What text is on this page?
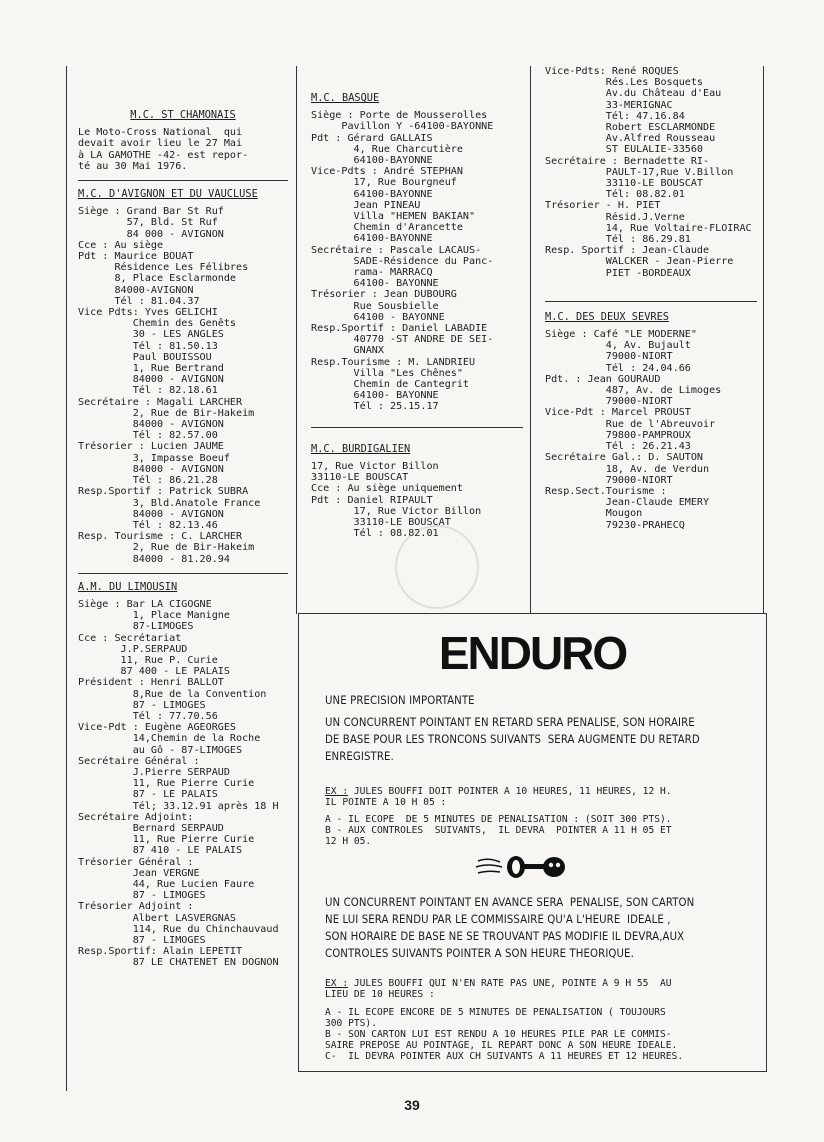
M.C. ST CHAMONAIS

Le Moto-Cross National  qui
devait avoir lieu le 27 Mai
à LA GAMOTHE -42- est repor-
té au 30 Mai 1976.

M.C. D'AVIGNON ET DU VAUCLUSE

Siège : Grand Bar St Ruf
57, Bld. St Ruf
84 000 - AVIGNON

Cce : Au siège

Pdt : Maurice BOUAT
Résidence Les Félibres
8, Place Esclarmonde
84000-AVIGNON
Tél : 81.04.37

Vice Pdts: Yves GELICHI
Chemin des Genêts
30 - LES ANGLES
Tél : 81.50.13

Paul BOUISSOU
1, Rue Bertrand
84000 - AVIGNON
Tél : 82.18.61

Secrétaire : Magali LARCHER
2, Rue de Bir-Hakeim
84000 - AVIGNON
Tél : 82.57.00

Trésorier : Lucien JAUME
3, Impasse Boeuf
84000 - AVIGNON
Tél : 86.21.28

Resp.Sportif : Patrick SUBRA
3, Bld.Anatole France
84000 - AVIGNON
Tél : 82.13.46

Resp. Tourisme : C. LARCHER
2, Rue de Bir-Hakeim
84000 - 81.20.94

A.M. DU LIMOUSIN

Siège : Bar LA CIGOGNE
1, Place Manigne
87-LIMOGES

Cce : Secrétariat
J.P.SERPAUD
11, Rue P. Curie
87 400 - LE PALAIS

Président : Henri BALLOT
8,Rue de la Convention
87 - LIMOGES
Tél : 77.70.56

Vice-Pdt : Eugène AGEORGES
14,Chemin de la Roche
au Gô - 87-LIMOGES

Secrétaire Général :
J.Pierre SERPAUD
11, Rue Pierre Curie
87 - LE PALAIS
Tél; 33.12.91 après 18 H

Secrétaire Adjoint:
Bernard SERPAUD
11, Rue Pierre Curie
87 410 - LE PALAIS

Trésorier Général :
Jean VERGNE
44, Rue Lucien Faure
87 - LIMOGES

Trésorier Adjoint :
Albert LASVERGNAS
114, Rue du Chinchauvaud
87 - LIMOGES

Resp.Sportif: Alain LEPETIT
87 LE CHATENET EN DOGNON

M.C. BASQUE

Siège : Porte de Mousserolles
Pavillon Y -64100-BAYONNE

Pdt : Gérard GALLAIS
4, Rue Charcutière
64100-BAYONNE

Vice-Pdts : André STEPHAN
17, Rue Bourgneuf
64100-BAYONNE

Jean PINEAU
Villa "HEMEN BAKIAN"
Chemin d'Arancette
64100-BAYONNE

Secrétaire : Pascale LACAUS-
SADE-Résidence du Panc-
rama- MARRACQ
64100- BAYONNE

Trésorier : Jean DUBOURG
Rue Sousbielle
64100 - BAYONNE

Resp.Sportif : Daniel LABADIE
40770 -ST ANDRE DE SEI-
GNANX

Resp.Tourisme : M. LANDRIEU
Villa "Les Chênes"
Chemin de Cantegrit
64100- BAYONNE
Tél : 25.15.17

M.C. BURDIGALIEN

17, Rue Victor Billon
33110-LE BOUSCAT

Cce : Au siège uniquement

Pdt : Daniel RIPAULT
17, Rue Victor Billon
33110-LE BOUSCAT
Tél : 08.82.01

Vice-Pdts: René ROQUES
Rés.Les Bosquets
Av.du Château d'Eau
33-MERIGNAC
Tél: 47.16.84

Robert ESCLARMONDE
Av.Alfred Rousseau
ST EULALIE-33560

Secrétaire : Bernadette RI-
PAULT-17,Rue V.Billon
33110-LE BOUSCAT
Tél: 08.82.01

Trésorier - H. PIET
Résid.J.Verne
14, Rue Voltaire-FLOIRAC
Tél : 86.29.81

Resp. Sportif : Jean-Claude
WALCKER - Jean-Pierre
PIET -BORDEAUX

M.C. DES DEUX SEVRES

Siège : Café "LE MODERNE"
4, Av. Bujault
79000-NIORT
Tél : 24.04.66

Pdt. : Jean GOURAUD
487, Av. de Limoges
79000-NIORT

Vice-Pdt : Marcel PROUST
Rue de l'Abreuvoir
79800-PAMPROUX
Tél : 26.21.43

Secrétaire Gal.: D. SAUTON
18, Av. de Verdun
79000-NIORT

Resp.Sect.Tourisme :
Jean-Claude EMERY
Mougon
79230-PRAHECQ

ENDURO
UNE PRECISION IMPORTANTE
UN CONCURRENT POINTANT EN RETARD SERA PENALISE, SON HORAIRE
DE BASE POUR LES TRONCONS SUIVANTS  SERA AUGMENTE DU RETARD
ENREGISTRE.
EX : JULES BOUFFI DOIT POINTER A 10 HEURES, 11 HEURES, 12 H.
IL POINTE A 10 H 05 :
A - IL ECOPE  DE 5 MINUTES DE PENALISATION : (SOIT 300 PTS).
B - AUX CONTROLES  SUIVANTS,  IL DEVRA  POINTER A 11 H 05 ET
12 H 05.
UN CONCURRENT POINTANT EN AVANCE SERA  PENALISE, SON CARTON
NE LUI SERA RENDU PAR LE COMMISSAIRE QU'A L'HEURE  IDEALE ,
SON HORAIRE DE BASE NE SE TROUVANT PAS MODIFIE IL DEVRA,AUX
CONTROLES SUIVANTS POINTER A SON HEURE THEORIQUE.
EX : JULES BOUFFI QUI N'EN RATE PAS UNE, POINTE A 9 H 55  AU
LIEU DE 10 HEURES :
A - IL ECOPE ENCORE DE 5 MINUTES DE PENALISATION ( TOUJOURS
300 PTS).
B - SON CARTON LUI EST RENDU A 10 HEURES PILE PAR LE COMMIS-
SAIRE PREPOSE AU POINTAGE, IL REPART DONC A SON HEURE IDEALE.
C-  IL DEVRA POINTER AUX CH SUIVANTS A 11 HEURES ET 12 HEURES.
39
